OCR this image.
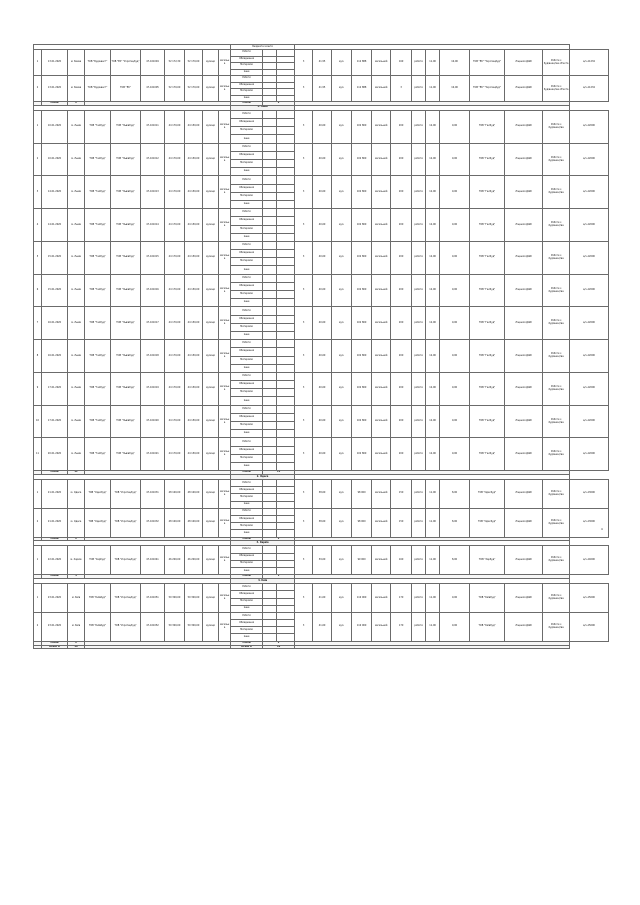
										Бюджетні кошти															
1	13.01.2020	м. Києва	ТОВ "Будінвест"	ТОВ "ЕК" "Укрспецбуд"	47-101004	52 172,30	52 170,00	вулиця	загальна	Роботи			3	41,55	вул.	112 888	загальний	169	роботи	11,00	10,00	ТОВ "ЕК" "Укрспецбуд"	Ліцензія ДАБІ	Роботи з будівництва об'єкта	в/ч А1234
										Обладнання															
										Матеріали															
										Інше															
2	13.01.2020	м. Києва	ТОВ "Будінвест"	ТОВ "ЕК"	47-101005	52 170,00	52 170,00	вулиця	загальна	Роботи			3	41,55	вул.	112 888	загальний	3	роботи	11,00	10,00	ТОВ "ЕК" "Укрспецбуд"	Ліцензія ДАБІ	Роботи з будівництва об'єкта	в/ч А1234
										Обладнання															
										Матеріали															
										Інше															
	Разом	2								Разом	2														
										1. Львів															
1	10.01.2020	м. Львів	ТОВ "Галбуд"	ТОВ "Львівбуд"	47-101011	44 170,00	44 150,00	вулиця	загальна	Роботи			3	40,00	вул.	102 800	загальний	200	роботи	12,00	9,00	ТОВ "Галбуд"	Ліцензія ДАБІ	Роботи з будівництва	в/ч А2000
										Обладнання															
										Матеріали															
										Інше															
2	10.01.2020	м. Львів	ТОВ "Галбуд"	ТОВ "Львівбуд"	47-101012	44 170,00	44 150,00	вулиця	загальна	Роботи			3	40,00	вул.	102 800	загальний	200	роботи	12,00	9,00	ТОВ "Галбуд"	Ліцензія ДАБІ	Роботи з будівництва	в/ч А2000
										Обладнання															
										Матеріали															
										Інше															
3	14.01.2020	м. Львів	ТОВ "Галбуд"	ТОВ "Львівбуд"	47-101013	44 170,00	44 150,00	вулиця	загальна	Роботи			3	40,00	вул.	102 800	загальний	200	роботи	12,00	9,00	ТОВ "Галбуд"	Ліцензія ДАБІ	Роботи з будівництва	в/ч А2000
										Обладнання															
										Матеріали															
										Інше															
4	14.01.2020	м. Львів	ТОВ "Галбуд"	ТОВ "Львівбуд"	47-101014	44 170,00	44 150,00	вулиця	загальна	Роботи			3	40,00	вул.	102 800	загальний	200	роботи	12,00	9,00	ТОВ "Галбуд"	Ліцензія ДАБІ	Роботи з будівництва	в/ч А2000
										Обладнання															
										Матеріали															
										Інше															
5	15.01.2020	м. Львів	ТОВ "Галбуд"	ТОВ "Львівбуд"	47-101015	44 170,00	44 150,00	вулиця	загальна	Роботи			3	40,00	вул.	102 800	загальний	200	роботи	12,00	9,00	ТОВ "Галбуд"	Ліцензія ДАБІ	Роботи з будівництва	в/ч А2000
										Обладнання															
										Матеріали															
										Інше															
6	15.01.2020	м. Львів	ТОВ "Галбуд"	ТОВ "Львівбуд"	47-101016	44 170,00	44 150,00	вулиця	загальна	Роботи			3	40,00	вул.	102 800	загальний	200	роботи	12,00	9,00	ТОВ "Галбуд"	Ліцензія ДАБІ	Роботи з будівництва	в/ч А2000
										Обладнання															
										Матеріали															
										Інше															
7	16.01.2020	м. Львів	ТОВ "Галбуд"	ТОВ "Львівбуд"	47-101017	44 170,00	44 150,00	вулиця	загальна	Роботи			3	40,00	вул.	102 800	загальний	200	роботи	12,00	9,00	ТОВ "Галбуд"	Ліцензія ДАБІ	Роботи з будівництва	в/ч А2000
										Обладнання															
										Матеріали															
										Інше															
8	16.01.2020	м. Львів	ТОВ "Галбуд"	ТОВ "Львівбуд"	47-101018	44 170,00	44 150,00	вулиця	загальна	Роботи			3	40,00	вул.	102 800	загальний	200	роботи	12,00	9,00	ТОВ "Галбуд"	Ліцензія ДАБІ	Роботи з будівництва	в/ч А2000
										Обладнання															
										Матеріали															
										Інше															
9	17.01.2020	м. Львів	ТОВ "Галбуд"	ТОВ "Львівбуд"	47-101019	44 170,00	44 150,00	вулиця	загальна	Роботи			3	40,00	вул.	102 800	загальний	200	роботи	12,00	9,00	ТОВ "Галбуд"	Ліцензія ДАБІ	Роботи з будівництва	в/ч А2000
										Обладнання															
										Матеріали															
										Інше															
10	17.01.2020	м. Львів	ТОВ "Галбуд"	ТОВ "Львівбуд"	47-101020	44 170,00	44 150,00	вулиця	загальна	Роботи			3	40,00	вул.	102 800	загальний	200	роботи	12,00	9,00	ТОВ "Галбуд"	Ліцензія ДАБІ	Роботи з будівництва	в/ч А2000
										Обладнання															
										Матеріали															
										Інше															
11	20.01.2020	м. Львів	ТОВ "Галбуд"	ТОВ "Львівбуд"	47-101021	44 170,00	44 150,00	вулиця	загальна	Роботи			3	40,00	вул.	102 800	загальний	200	роботи	12,00	9,00	ТОВ "Галбуд"	Ліцензія ДАБІ	Роботи з будівництва	в/ч А2000
										Обладнання															
										Матеріали															
										Інше															
	Разом	11								Разом	11														
										2. Одеса															
1	21.01.2020	м. Одеса	ТОВ "Одесбуд"	ТОВ "Укрспецбуд"	47-101031	48 100,00	48 100,00	вулиця	загальна	Роботи			3	38,00	вул.	98 000	загальний	150	роботи	11,00	8,00	ТОВ "Одесбуд"	Ліцензія ДАБІ	Роботи з будівництва	в/ч А3000
										Обладнання															
										Матеріали															
										Інше															
2	21.01.2020	м. Одеса	ТОВ "Одесбуд"	ТОВ "Укрспецбуд"	47-101032	48 100,00	48 100,00	вулиця	загальна	Роботи			3	38,00	вул.	98 000	загальний	150	роботи	11,00	8,00	ТОВ "Одесбуд"	Ліцензія ДАБІ	Роботи з будівництва	в/ч А3000
										Обладнання															
										Матеріали															
										Інше															
	Разом	2								Разом	2														
										3. Харків															
1	22.01.2020	м. Харків	ТОВ "Харбуд"	ТОВ "Укрспецбуд"	47-101041	46 200,00	46 200,00	вулиця	загальна	Роботи			3	39,00	вул.	99 000	загальний	160	роботи	11,00	8,00	ТОВ "Харбуд"	Ліцензія ДАБІ	Роботи з будівництва	в/ч А4000
										Обладнання															
										Матеріали															
										Інше															
	Разом	1								Разом	1														
										4. Київ															
1	23.01.2020	м. Київ	ТОВ "Київбуд"	ТОВ "Укрспецбуд"	47-101051	50 300,00	50 300,00	вулиця	загальна	Роботи			3	41,00	вул.	110 000	загальний	170	роботи	11,00	9,00	ТОВ "Київбуд"	Ліцензія ДАБІ	Роботи з будівництва	в/ч А5000
										Обладнання															
										Матеріали															
										Інше															
2	23.01.2020	м. Київ	ТОВ "Київбуд"	ТОВ "Укрспецбуд"	47-101052	50 300,00	50 300,00	вулиця	загальна	Роботи			3	41,00	вул.	110 000	загальний	170	роботи	11,00	9,00	ТОВ "Київбуд"	Ліцензія ДАБІ	Роботи з будівництва	в/ч А5000
										Обладнання															
										Матеріали															
										Інше															
	Разом	2								Разом	2														
	ВСЬОГО	18								ВСЬОГО	18														
4
